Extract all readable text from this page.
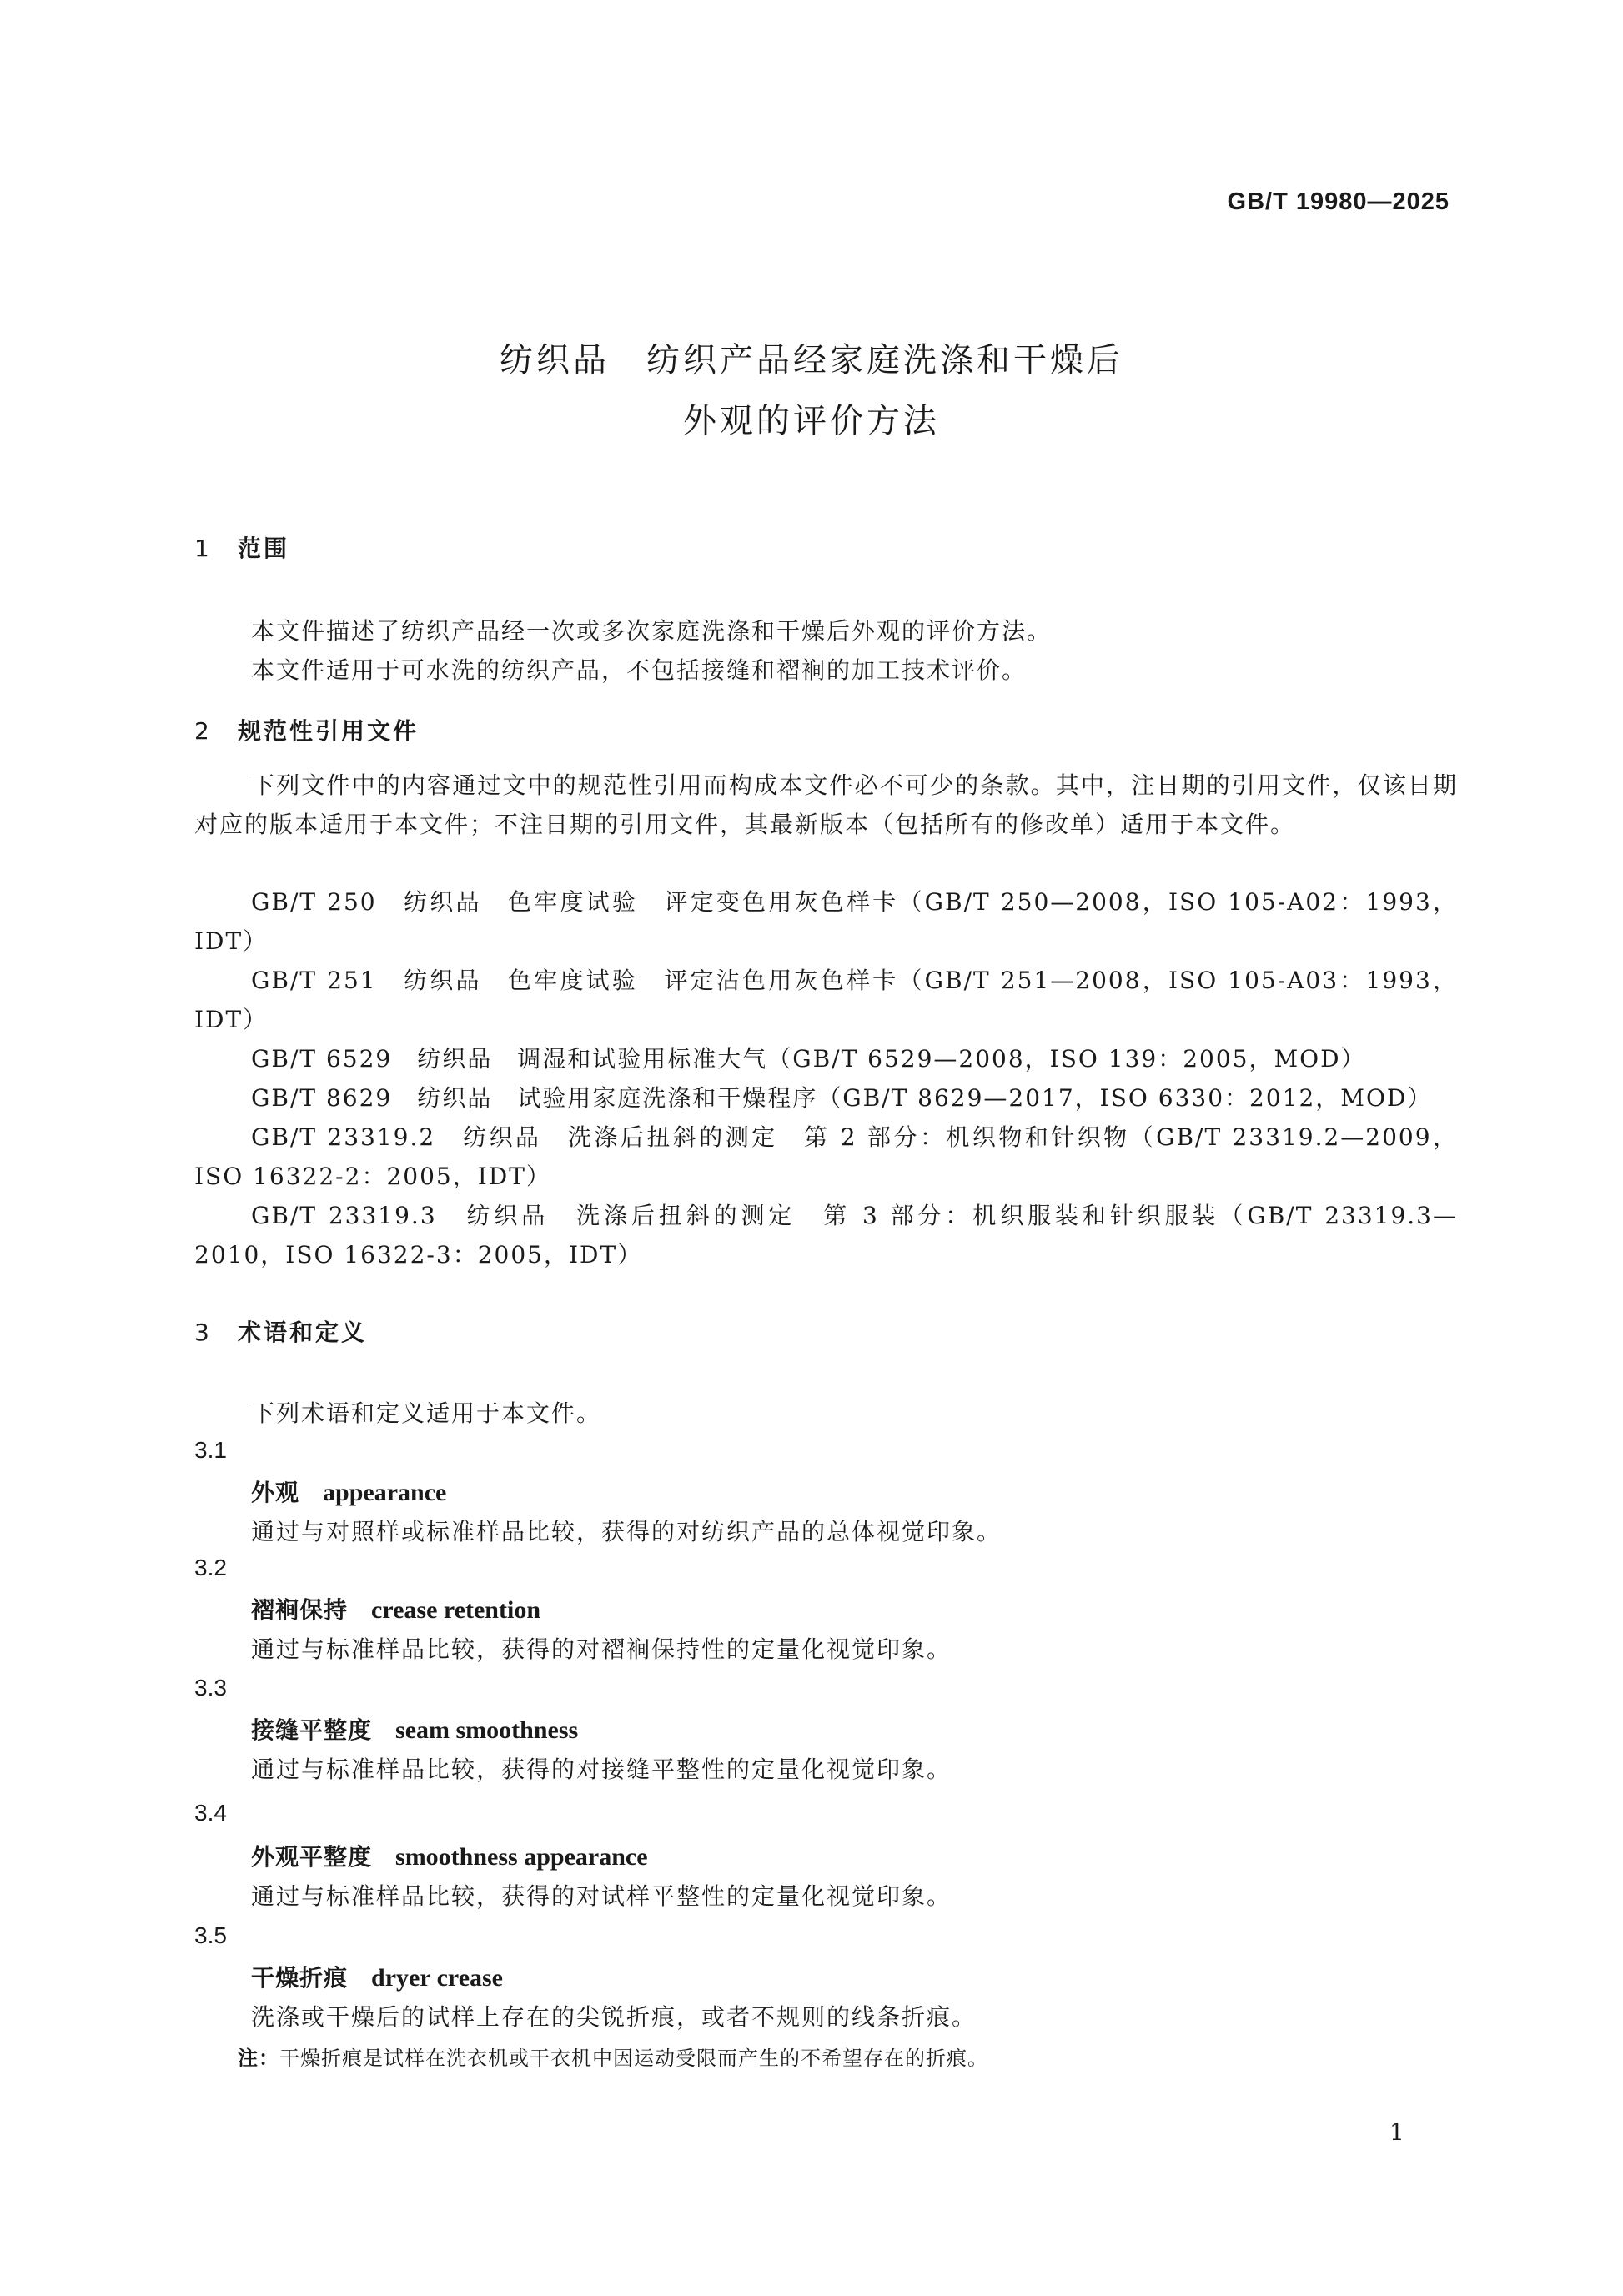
GB/T 19980—2025
纺织品　纺织产品经家庭洗涤和干燥后
外观的评价方法
1 范围
本文件描述了纺织产品经一次或多次家庭洗涤和干燥后外观的评价方法。
本文件适用于可水洗的纺织产品，不包括接缝和褶裥的加工技术评价。
2 规范性引用文件
下列文件中的内容通过文中的规范性引用而构成本文件必不可少的条款。其中，注日期的引用文件，仅该日期对应的版本适用于本文件；不注日期的引用文件，其最新版本（包括所有的修改单）适用于本文件。
GB/T 250　纺织品　色牢度试验　评定变色用灰色样卡（GB/T 250—2008，ISO 105-A02：1993，IDT）
GB/T 251　纺织品　色牢度试验　评定沾色用灰色样卡（GB/T 251—2008，ISO 105-A03：1993，IDT）
GB/T 6529　纺织品　调湿和试验用标准大气（GB/T 6529—2008，ISO 139：2005，MOD）
GB/T 8629　纺织品　试验用家庭洗涤和干燥程序（GB/T 8629—2017，ISO 6330：2012，MOD）
GB/T 23319.2　纺织品　洗涤后扭斜的测定　第 2 部分：机织物和针织物（GB/T 23319.2—2009，ISO 16322-2：2005，IDT）
GB/T 23319.3　纺织品　洗涤后扭斜的测定　第 3 部分：机织服装和针织服装（GB/T 23319.3—2010，ISO 16322-3：2005，IDT）
3 术语和定义
下列术语和定义适用于本文件。
3.1
外观 appearance
通过与对照样或标准样品比较，获得的对纺织产品的总体视觉印象。
3.2
褶裥保持 crease retention
通过与标准样品比较，获得的对褶裥保持性的定量化视觉印象。
3.3
接缝平整度 seam smoothness
通过与标准样品比较，获得的对接缝平整性的定量化视觉印象。
3.4
外观平整度 smoothness appearance
通过与标准样品比较，获得的对试样平整性的定量化视觉印象。
3.5
干燥折痕 dryer crease
洗涤或干燥后的试样上存在的尖锐折痕，或者不规则的线条折痕。
注：干燥折痕是试样在洗衣机或干衣机中因运动受限而产生的不希望存在的折痕。
1
